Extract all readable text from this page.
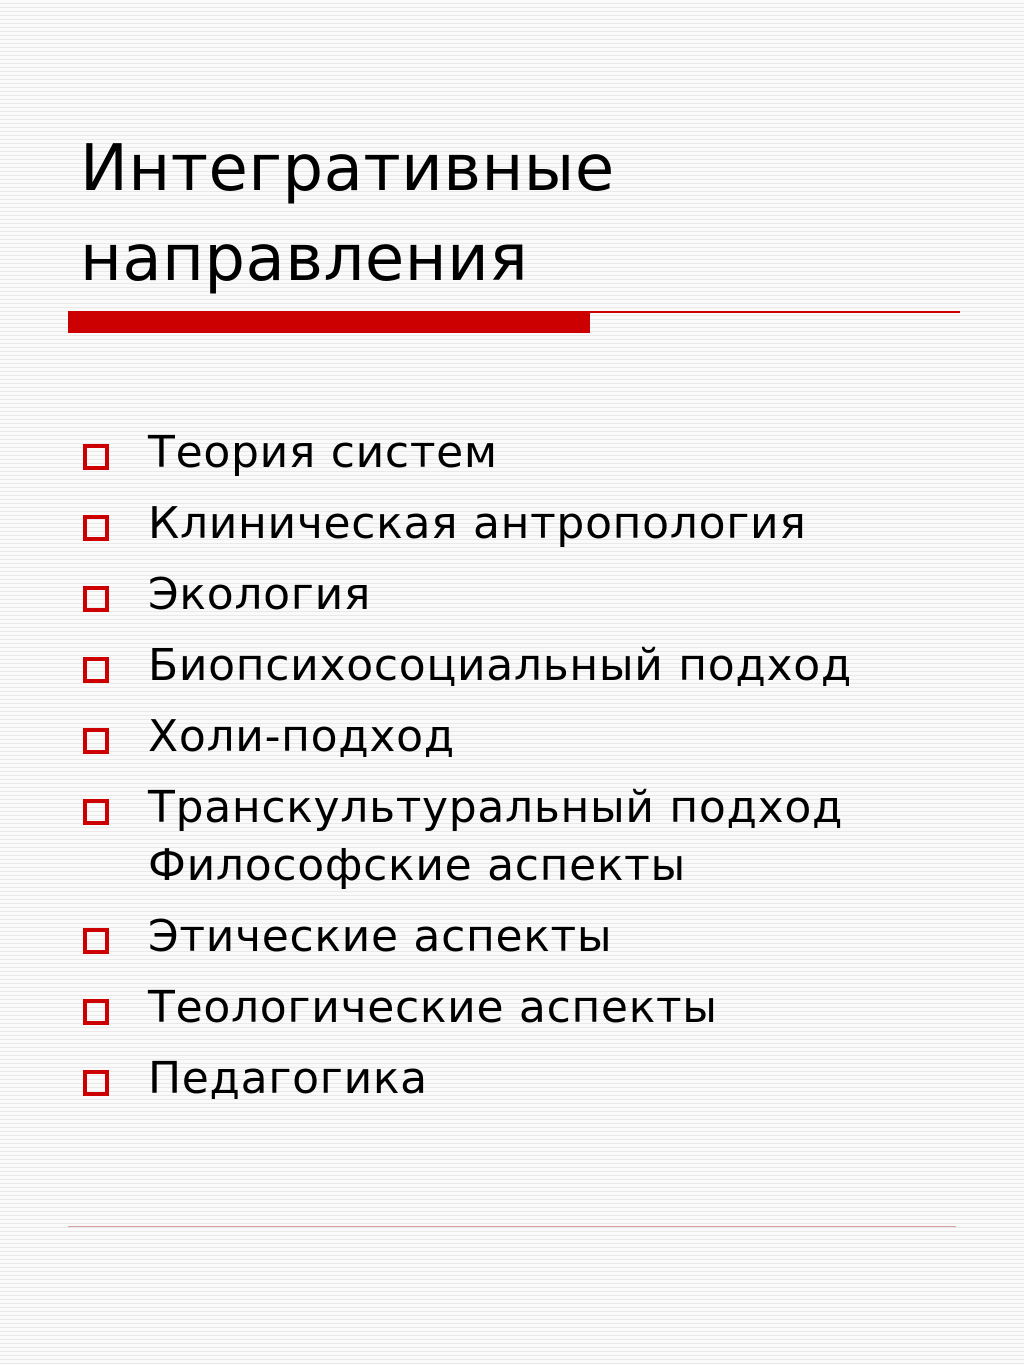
Интегративные
направления
Теория систем
Клиническая антропология
Экология
Биопсихосоциальный подход
Холи-подход
Транскультуральный подход
Философские аспекты
Этические аспекты
Теологические аспекты
Педагогика
